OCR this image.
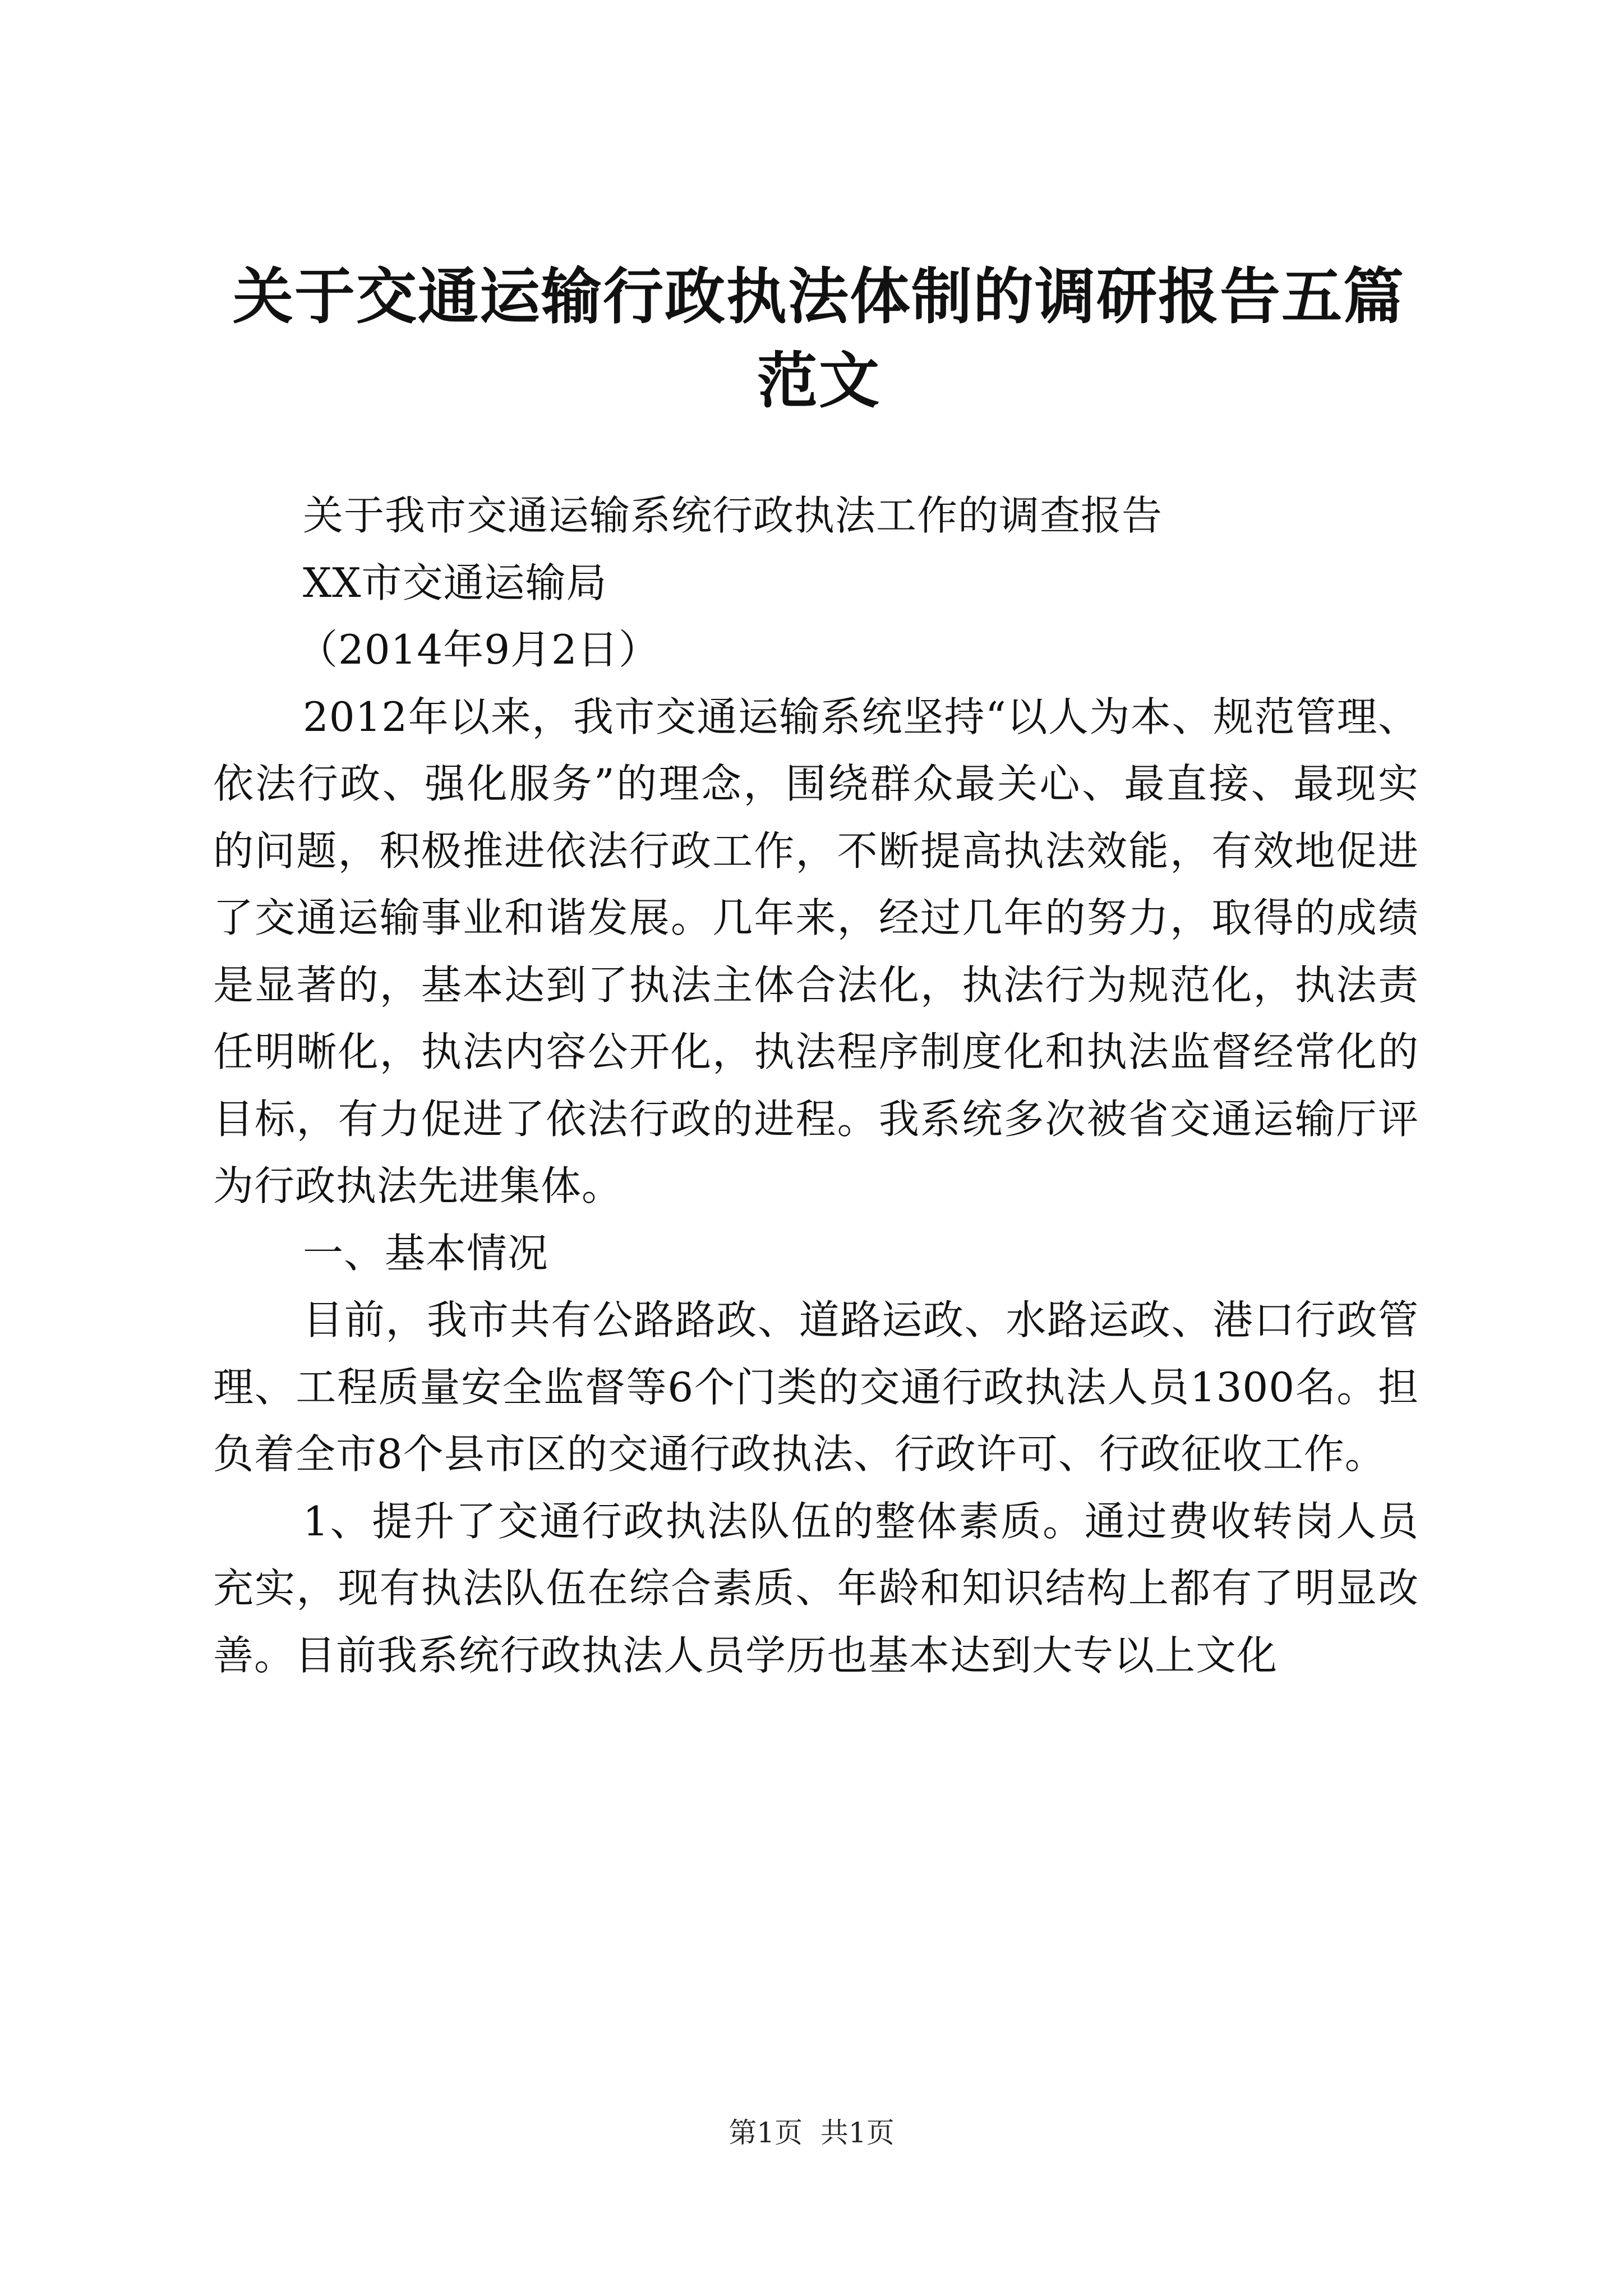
关于交通运输行政执法体制的调研报告五篇范文

关于我市交通运输系统行政执法工作的调查报告

XX市交通运输局

（2014年9月2日）

2012年以来，我市交通运输系统坚持“以人为本、规范管理、依法行政、强化服务”的理念，围绕群众最关心、最直接、最现实的问题，积极推进依法行政工作，不断提高执法效能，有效地促进了交通运输事业和谐发展。几年来，经过几年的努力，取得的成绩是显著的，基本达到了执法主体合法化，执法行为规范化，执法责任明晰化，执法内容公开化，执法程序制度化和执法监督经常化的目标，有力促进了依法行政的进程。我系统多次被省交通运输厅评为行政执法先进集体。

一、基本情况

目前，我市共有公路路政、道路运政、水路运政、港口行政管理、工程质量安全监督等6个门类的交通行政执法人员1300名。担负着全市8个县市区的交通行政执法、行政许可、行政征收工作。

1、提升了交通行政执法队伍的整体素质。通过费收转岗人员充实，现有执法队伍在综合素质、年龄和知识结构上都有了明显改善。目前我系统行政执法人员学历也基本达到大专以上文化

第1页  共1页
